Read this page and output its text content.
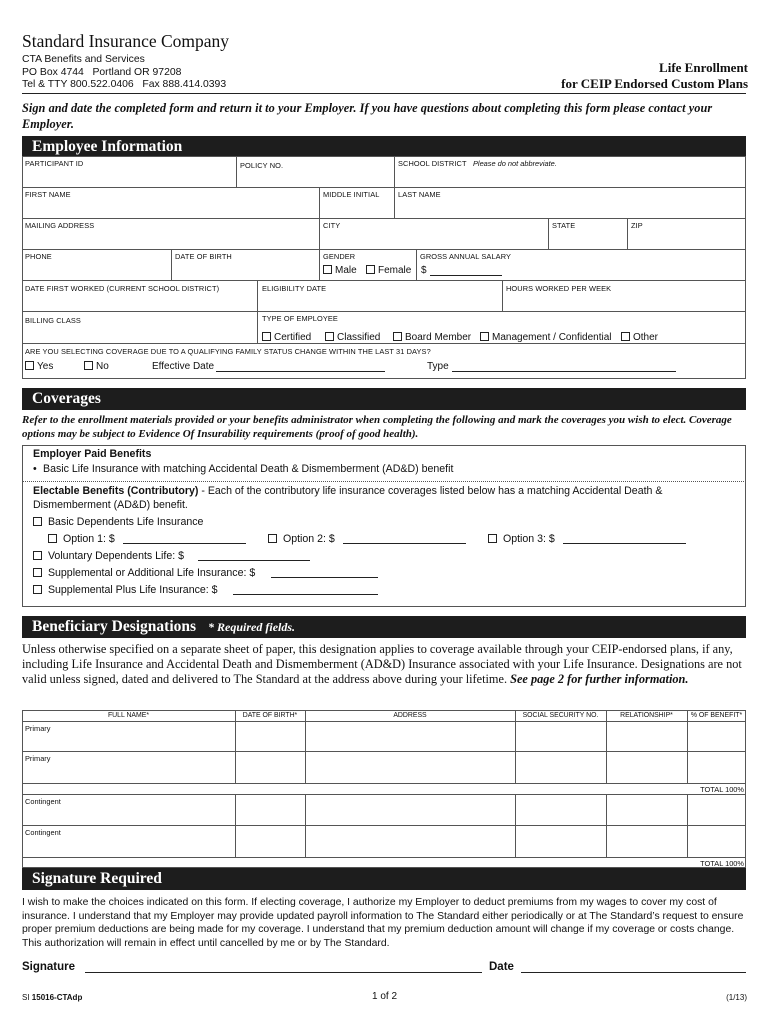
Standard Insurance Company
CTA Benefits and Services
PO Box 4744   Portland OR 97208
Tel & TTY 800.522.0406   Fax 888.414.0393
Life Enrollment
for CEIP Endorsed Custom Plans
Sign and date the completed form and return it to your Employer. If you have questions about completing this form please contact your Employer.
Employee Information
PARTICIPANT ID	POLICY NO.	SCHOOL DISTRICT Please do not abbreviate.
FIRST NAME	MIDDLE INITIAL	LAST NAME
MAILING ADDRESS	CITY	STATE	ZIP
PHONE	DATE OF BIRTH	GENDER	GROSS ANNUAL SALARY
Male	Female $
DATE FIRST WORKED (CURRENT SCHOOL DISTRICT)	ELIGIBILITY DATE	HOURS WORKED PER WEEK
BILLING CLASS	TYPE OF EMPLOYEE
Certified	Classified	Board Member	Management / Confidential	Other
ARE YOU SELECTING COVERAGE DUE TO A QUALIFYING FAMILY STATUS CHANGE WITHIN THE LAST 31 DAYS?
Yes	No	Effective Date	Type
Coverages
Refer to the enrollment materials provided or your benefits administrator when completing the following and mark the coverages you wish to elect. Coverage options may be subject to Evidence Of Insurability requirements (proof of good health).
Employer Paid Benefits
• Basic Life Insurance with matching Accidental Death & Dismemberment (AD&D) benefit
Electable Benefits (Contributory) - Each of the contributory life insurance coverages listed below has a matching Accidental Death & Dismemberment (AD&D) benefit.
Basic Dependents Life Insurance
Option 1: $	Option 2: $	Option 3: $
Voluntary Dependents Life: $
Supplemental or Additional Life Insurance: $
Supplemental Plus Life Insurance: $
Beneficiary Designations * Required fields.
Unless otherwise specified on a separate sheet of paper, this designation applies to coverage available through your CEIP-endorsed plans, if any, including Life Insurance and Accidental Death and Dismemberment (AD&D) Insurance associated with your Life Insurance. Designations are not valid unless signed, dated and delivered to The Standard at the address above during your lifetime. See page 2 for further information.
FULL NAME*	DATE OF BIRTH*	ADDRESS	SOCIAL SECURITY NO.	RELATIONSHIP*	% OF BENEFIT*
Primary
Primary
TOTAL 100%
Contingent
Contingent
TOTAL 100%
Signature Required
I wish to make the choices indicated on this form. If electing coverage, I authorize my Employer to deduct premiums from my wages to cover my cost of insurance. I understand that my Employer may provide updated payroll information to The Standard either periodically or at The Standard’s request to ensure proper premium deductions are being made for my coverage. I understand that my premium deduction amount will change if my coverage or costs change. This authorization will remain in effect until cancelled by me or by The Standard.
Signature	Date
SI 15016-CTAdp	1 of 2	(1/13)
